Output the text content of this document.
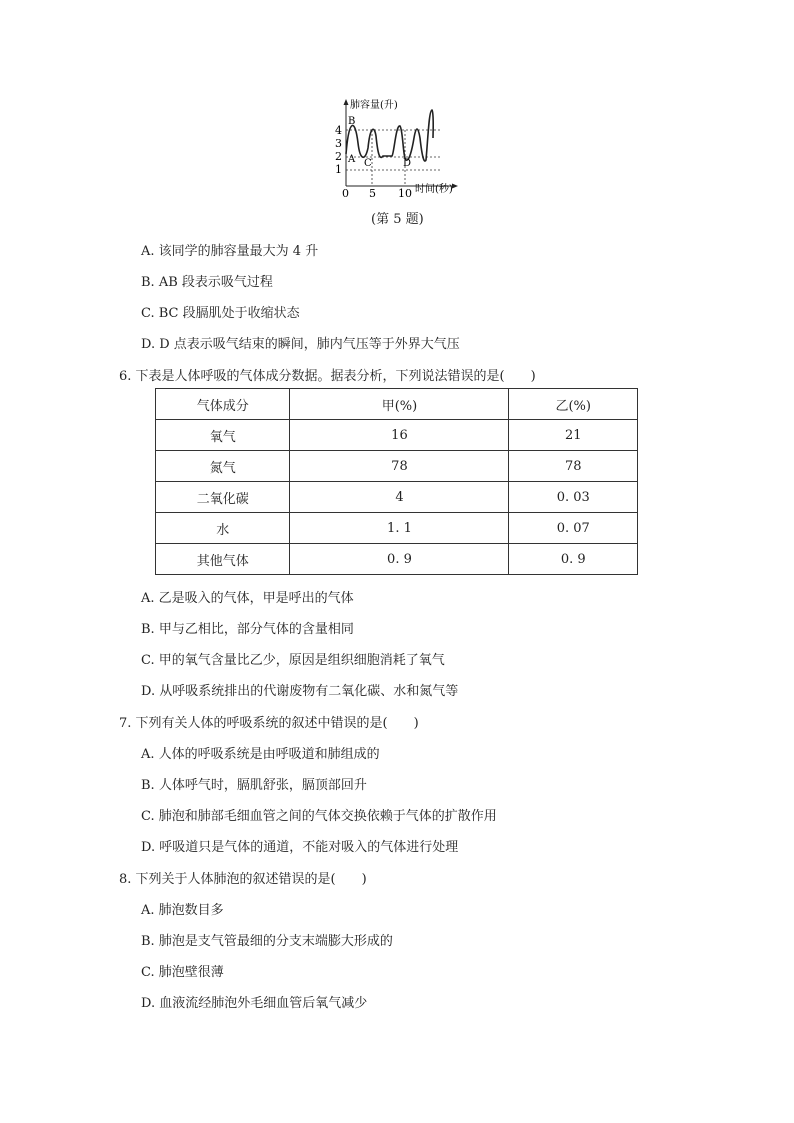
4
3
2
1
0 5 10
A
B
C	D
肺容量(升)
时间(秒)
(第 5 题)
A. 该同学的肺容量最大为 4 升
B. AB 段表示吸气过程
C. BC 段膈肌处于收缩状态
D. D 点表示吸气结束的瞬间，肺内气压等于外界大气压
6. 下表是人体呼吸的气体成分数据。据表分析，下列说法错误的是(　　)
气体成分	甲(%)	乙(%)
氧气	16	21
氮气	78	78
二氧化碳	4	0. 03
水	1. 1	0. 07
其他气体	0. 9	0. 9
A. 乙是吸入的气体，甲是呼出的气体
B. 甲与乙相比，部分气体的含量相同
C. 甲的氧气含量比乙少，原因是组织细胞消耗了氧气
D. 从呼吸系统排出的代谢废物有二氧化碳、水和氮气等
7. 下列有关人体的呼吸系统的叙述中错误的是(　　)
A. 人体的呼吸系统是由呼吸道和肺组成的
B. 人体呼气时，膈肌舒张，膈顶部回升
C. 肺泡和肺部毛细血管之间的气体交换依赖于气体的扩散作用
D. 呼吸道只是气体的通道，不能对吸入的气体进行处理
8. 下列关于人体肺泡的叙述错误的是(　　)
A. 肺泡数目多
B. 肺泡是支气管最细的分支末端膨大形成的
C. 肺泡壁很薄
D. 血液流经肺泡外毛细血管后氧气减少
